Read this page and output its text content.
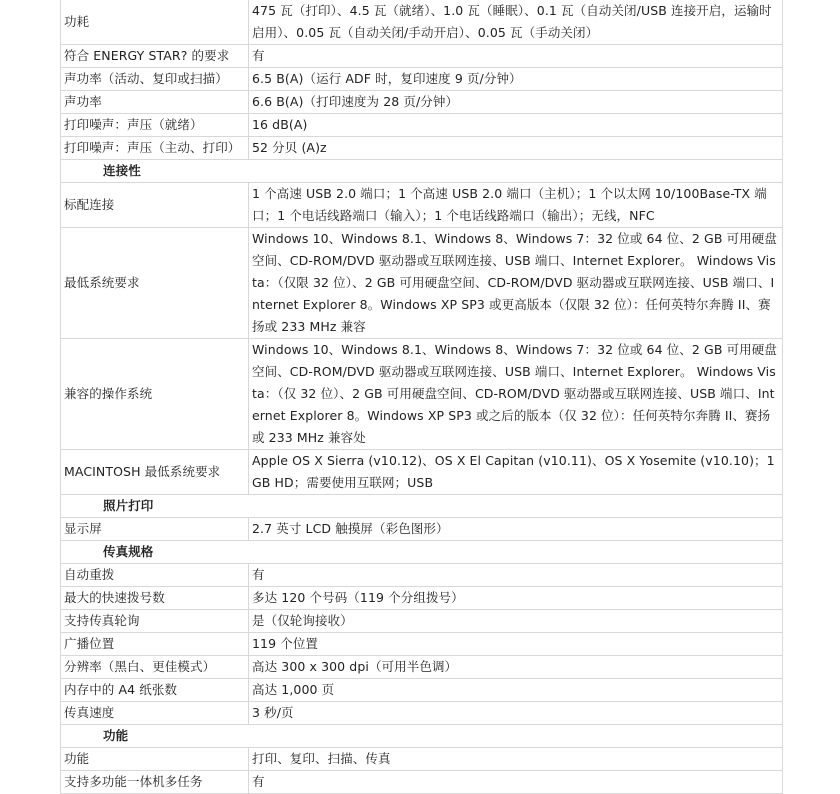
功耗	475 瓦（打印）、4.5 瓦（就绪）、1.0 瓦（睡眠）、0.1 瓦（自动关闭/USB 连接开启，运输时启用）、0.05 瓦（自动关闭/手动开启）、0.05 瓦（手动关闭）
符合 ENERGY STAR? 的要求	有
声功率（活动、复印或扫描）	6.5 B(A)（运行 ADF 时，复印速度 9 页/分钟）
声功率	6.6 B(A)（打印速度为 28 页/分钟）
打印噪声：声压（就绪）	16 dB(A)
打印噪声：声压（主动、打印）	52 分贝 (A)z
连接性	
标配连接	1 个高速 USB 2.0 端口；1 个高速 USB 2.0 端口（主机）；1 个以太网 10/100Base-TX 端口；1 个电话线路端口（输入）；1 个电话线路端口（输出）；无线，NFC
最低系统要求	Windows 10、Windows 8.1、Windows 8、Windows 7：32 位或 64 位、2 GB 可用硬盘空间、CD-ROM/DVD 驱动器或互联网连接、USB 端口、Internet Explorer。 Windows Vista：（仅限 32 位）、2 GB 可用硬盘空间、CD-ROM/DVD 驱动器或互联网连接、USB 端口、Internet Explorer 8。Windows XP SP3 或更高版本（仅限 32 位）：任何英特尔奔腾 II、赛扬或 233 MHz 兼容
兼容的操作系统	Windows 10、Windows 8.1、Windows 8、Windows 7：32 位或 64 位、2 GB 可用硬盘空间、CD-ROM/DVD 驱动器或互联网连接、USB 端口、Internet Explorer。 Windows Vista：（仅 32 位）、2 GB 可用硬盘空间、CD-ROM/DVD 驱动器或互联网连接、USB 端口、Internet Explorer 8。Windows XP SP3 或之后的版本（仅 32 位）：任何英特尔奔腾 II、赛扬或 233 MHz 兼容处
MACINTOSH 最低系统要求	Apple OS X Sierra (v10.12)、OS X El Capitan (v10.11)、OS X Yosemite (v10.10)；1 GB HD；需要使用互联网；USB
照片打印	
显示屏	2.7 英寸 LCD 触摸屏（彩色图形）
传真规格	
自动重拨	有
最大的快速拨号数	多达 120 个号码（119 个分组拨号）
支持传真轮询	是（仅轮询接收）
广播位置	119 个位置
分辨率（黑白、更佳模式）	高达 300 x 300 dpi（可用半色调）
内存中的 A4 纸张数	高达 1,000 页
传真速度	3 秒/页
功能	
功能	打印、复印、扫描、传真
支持多功能一体机多任务	有
